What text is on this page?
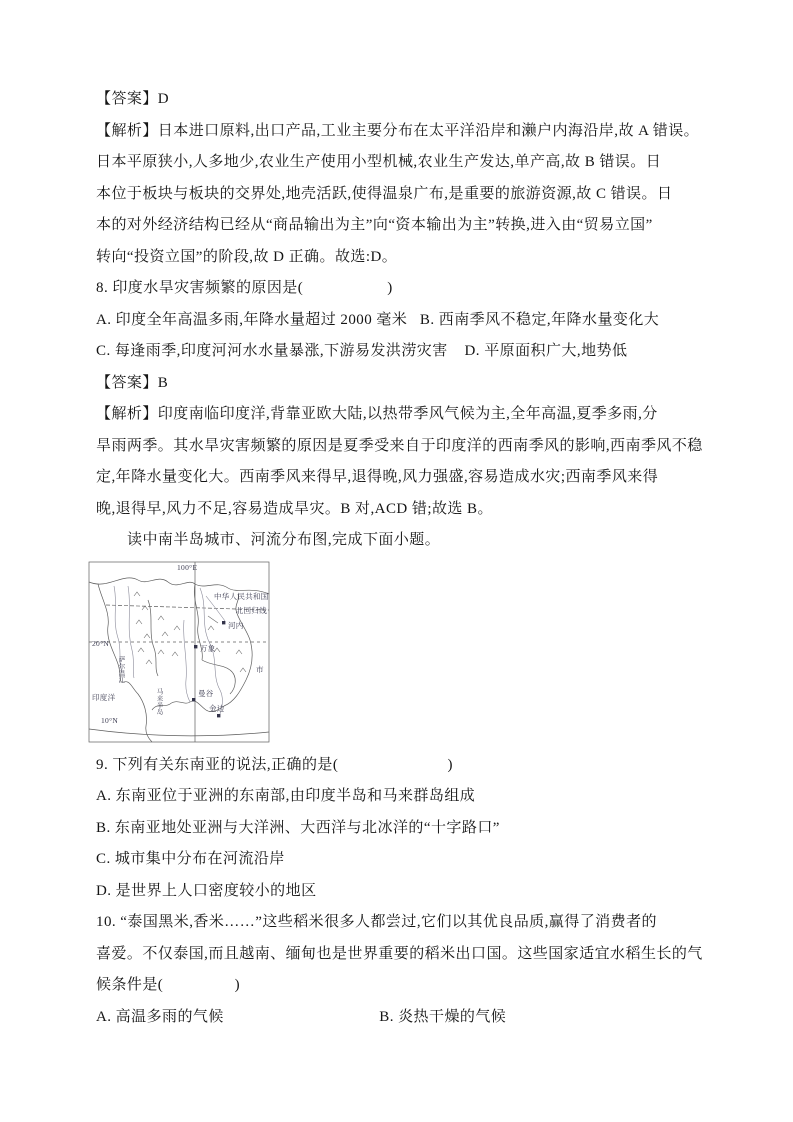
【答案】D

【解析】日本进口原料,出口产品,工业主要分布在太平洋沿岸和濑户内海沿岸,故 A 错误。

日本平原狭小,人多地少,农业生产使用小型机械,农业生产发达,单产高,故 B 错误。日

本位于板块与板块的交界处,地壳活跃,使得温泉广布,是重要的旅游资源,故 C 错误。日

本的对外经济结构已经从“商品输出为主”向“资本输出为主”转换,进入由“贸易立国”

转向“投资立国”的阶段,故 D 正确。故选:D。

8. 印度水旱灾害频繁的原因是(                    )

A. 印度全年高温多雨,年降水量超过 2000 毫米   B. 西南季风不稳定,年降水量变化大

C. 每逢雨季,印度河河水水量暴涨,下游易发洪涝灾害    D. 平原面积广大,地势低

【答案】B

【解析】印度南临印度洋,背靠亚欧大陆,以热带季风气候为主,全年高温,夏季多雨,分

旱雨两季。其水旱灾害频繁的原因是夏季受来自于印度洋的西南季风的影响,西南季风不稳

定,年降水量变化大。西南季风来得早,退得晚,风力强盛,容易造成水灾;西南季风来得

晚,退得早,风力不足,容易造成旱灾。B 对,ACD 错;故选 B。

读中南半岛城市、河流分布图,完成下面小题。

100°E
中华人民共和国
北回归线
河内
20°N
萨尔温江
万象
市
曼谷
金边
印度洋
10°N
马来半岛

9. 下列有关东南亚的说法,正确的是(                          )

A. 东南亚位于亚洲的东南部,由印度半岛和马来群岛组成

B. 东南亚地处亚洲与大洋洲、大西洋与北冰洋的“十字路口”

C. 城市集中分布在河流沿岸

D. 是世界上人口密度较小的地区

10. “泰国黑米,香米……”这些稻米很多人都尝过,它们以其优良品质,赢得了消费者的

喜爱。不仅泰国,而且越南、缅甸也是世界重要的稻米出口国。这些国家适宜水稻生长的气

候条件是(                 )

A. 高温多雨的气候                                     B. 炎热干燥的气候
